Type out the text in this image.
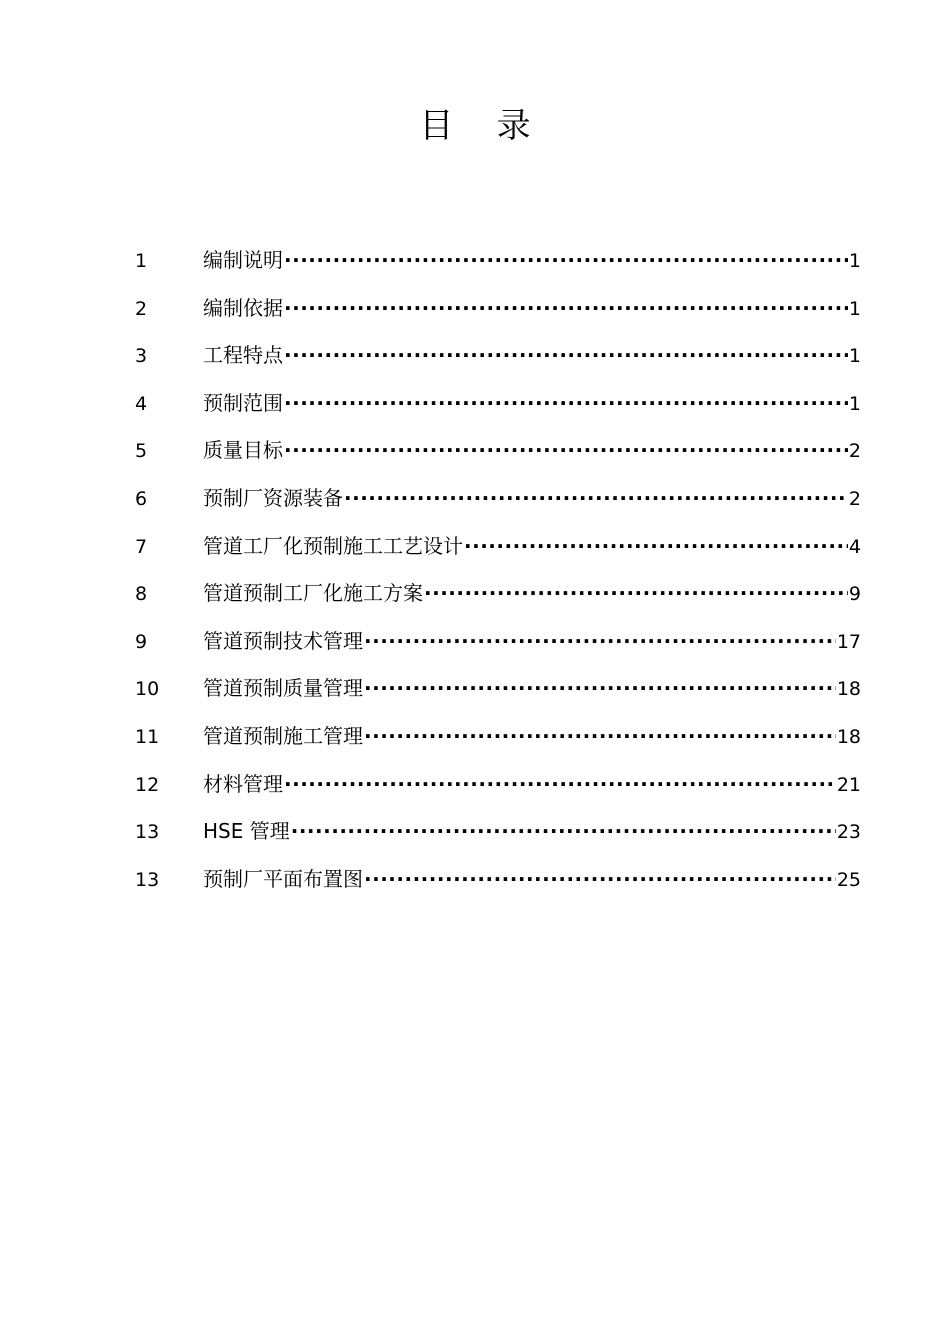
目    录
1	编制说明 ·····	1
2	编制依据 ·····	1
3	工程特点 ·····	1
4	预制范围 ·····	1
5	质量目标 ·····	2
6	预制厂资源装备 ·····	2
7	管道工厂化预制施工工艺设计 ·····	4
8	管道预制工厂化施工方案 ·····	9
9	管道预制技术管理 ·····	17
10	管道预制质量管理 ·····	18
11	管道预制施工管理 ·····	18
12	材料管理 ·····	21
13	HSE 管理 ·····	23
13	预制厂平面布置图 ·····	25
